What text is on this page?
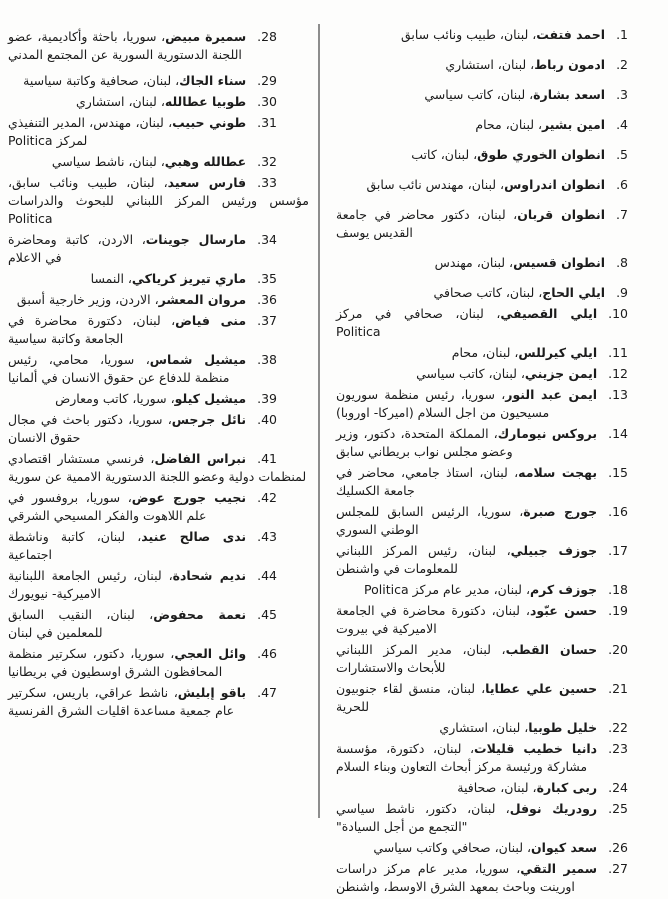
1.احمد فتفت، لبنان، طبيب ونائب سابق

2.ادمون رباط، لبنان، استشاري

3.اسعد بشارة، لبنان، كاتب سياسي

4.امين بشير، لبنان، محام

5.انطوان الخوري طوق، لبنان، كاتب

6.انطوان اندراوس، لبنان، مهندس نائب سابق

7.انطوان قربان، لبنان، دكتور محاضر في جامعة القديس يوسف

8.انطوان قسيس، لبنان، مهندس

9.ايلي الحاج، لبنان، كاتب صحافي

10.ايلي القصيفي، لبنان، صحافي في مركز Politica

11.ايلي كيرللس، لبنان، محام

12.ايمن جزيني، لبنان، كاتب سياسي

13.ايمن عبد النور، سوريا، رئيس منظمة سوريون مسيحيون من اجل السلام (اميركا- اوروبا)

14.بروكس نيومارك، المملكة المتحدة، دكتور، وزير وعضو مجلس نواب بريطاني سابق

15.بهجت سلامه، لبنان، استاذ جامعي، محاضر في جامعة الكسليك

16.جورج صبرة، سوريا، الرئيس السابق للمجلس الوطني السوري

17.جوزف جبيلي، لبنان، رئيس المركز اللبناني للمعلومات في واشنطن

18.جوزف كرم، لبنان، مدير عام مركز Politica

19.حسن عبّود، لبنان، دكتورة محاضرة في الجامعة الاميركية في بيروت

20.حسان القطب، لبنان، مدير المركز اللبناني للأبحاث والاستشارات

21.حسين علي عطايا، لبنان، منسق لقاء جنوبيون للحرية

22.خليل طوبيا، لبنان، استشاري

23.دانيا خطيب قليلات، لبنان، دكتورة، مؤسسة مشاركة ورئيسة مركز أبحاث التعاون وبناء السلام

24.ربى كبارة، لبنان، صحافية

25.رودريك نوفل، لبنان، دكتور، ناشط سياسي "التجمع من أجل السيادة"

26.سعد كيوان، لبنان، صحافي وكاتب سياسي

27.سمير التقي، سوريا، مدير عام مركز دراسات اورينت وباحث بمعهد الشرق الاوسط، واشنطن

28.سميرة مبيض، سوريا، باحثة وأكاديمية، عضو اللجنة الدستورية السورية عن المجتمع المدني

29.سناء الجاك، لبنان، صحافية وكاتبة سياسية

30.طوبيا عطالله، لبنان، استشاري

31.طوني حبيب، لبنان، مهندس، المدير التنفيذي لمركز Politica

32.عطالله وهبي، لبنان، ناشط سياسي

33.فارس سعيد، لبنان، طبيب ونائب سابق، مؤسس ورئيس المركز اللبناني للبحوث والدراسات Politica

34.مارسال جوينات، الاردن، كاتبة ومحاضرة في الاعلام

35.ماري تيريز كرياكي، النمسا

36.مروان المعشر، الاردن، وزير خارجية أسبق

37.منى فياض، لبنان، دكتورة محاضرة في الجامعة وكاتبة سياسية

38.ميشيل شماس، سوريا، محامي، رئيس منظمة للدفاع عن حقوق الانسان في ألمانيا

39.ميشيل كيلو، سوريا، كاتب ومعارض

40.نائل جرجس، سوريا، دكتور باحث في مجال حقوق الانسان

41.نبراس الفاضل، فرنسي مستشار اقتصادي لمنظمات دولية وعضو اللجنة الدستورية الاممية عن سورية

42.نجيب جورج عوض، سوريا، بروفسور في علم اللاهوت والفكر المسيحي الشرقي

43.ندى صالح عنيد، لبنان، كاتبة وناشطة اجتماعية

44.نديم شحادة، لبنان، رئيس الجامعة اللبنانية الاميركية- نيويورك

45.نعمة محفوض، لبنان، النقيب السابق للمعلمين في لبنان

46.وائل العجي، سوريا، دكتور، سكرتير منظمة المحافظون الشرق اوسطيون في بريطانيا

47.باقو إبليش، ناشط عراقي، باريس، سكرتير عام جمعية مساعدة اقليات الشرق الفرنسية
